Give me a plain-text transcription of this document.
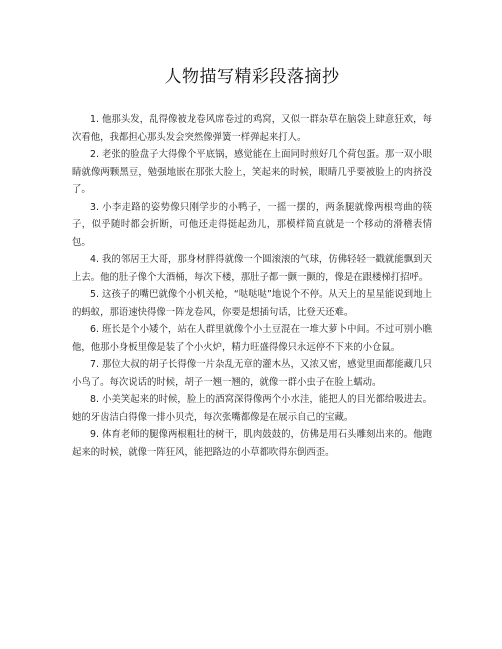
人物描写精彩段落摘抄

1. 他那头发，乱得像被龙卷风席卷过的鸡窝，又似一群杂草在脑袋上肆意狂欢，每次看他，我都担心那头发会突然像弹簧一样弹起来打人。

2. 老张的脸盘子大得像个平底锅，感觉能在上面同时煎好几个荷包蛋。那一双小眼睛就像两颗黑豆，勉强地嵌在那张大脸上，笑起来的时候，眼睛几乎要被脸上的肉挤没了。

3. 小李走路的姿势像只刚学步的小鸭子，一摇一摆的，两条腿就像两根弯曲的筷子，似乎随时都会折断，可他还走得挺起劲儿，那模样简直就是一个移动的滑稽表情包。

4. 我的邻居王大哥，那身材胖得就像一个圆滚滚的气球，仿佛轻轻一戳就能飘到天上去。他的肚子像个大酒桶，每次下楼，那肚子都一颤一颤的，像是在跟楼梯打招呼。

5. 这孩子的嘴巴就像个小机关枪，“哒哒哒”地说个不停。从天上的星星能说到地上的蚂蚁，那语速快得像一阵龙卷风，你要是想插句话，比登天还难。

6. 班长是个小矮个，站在人群里就像个小土豆混在一堆大萝卜中间。不过可别小瞧他，他那小身板里像是装了个小火炉，精力旺盛得像只永远停不下来的小仓鼠。

7. 那位大叔的胡子长得像一片杂乱无章的灌木丛，又浓又密，感觉里面都能藏几只小鸟了。每次说话的时候，胡子一翘一翘的，就像一群小虫子在脸上蠕动。

8. 小美笑起来的时候，脸上的酒窝深得像两个小水洼，能把人的目光都给吸进去。她的牙齿洁白得像一排小贝壳，每次张嘴都像是在展示自己的宝藏。

9. 体育老师的腿像两根粗壮的树干，肌肉鼓鼓的，仿佛是用石头雕刻出来的。他跑起来的时候，就像一阵狂风，能把路边的小草都吹得东倒西歪。
